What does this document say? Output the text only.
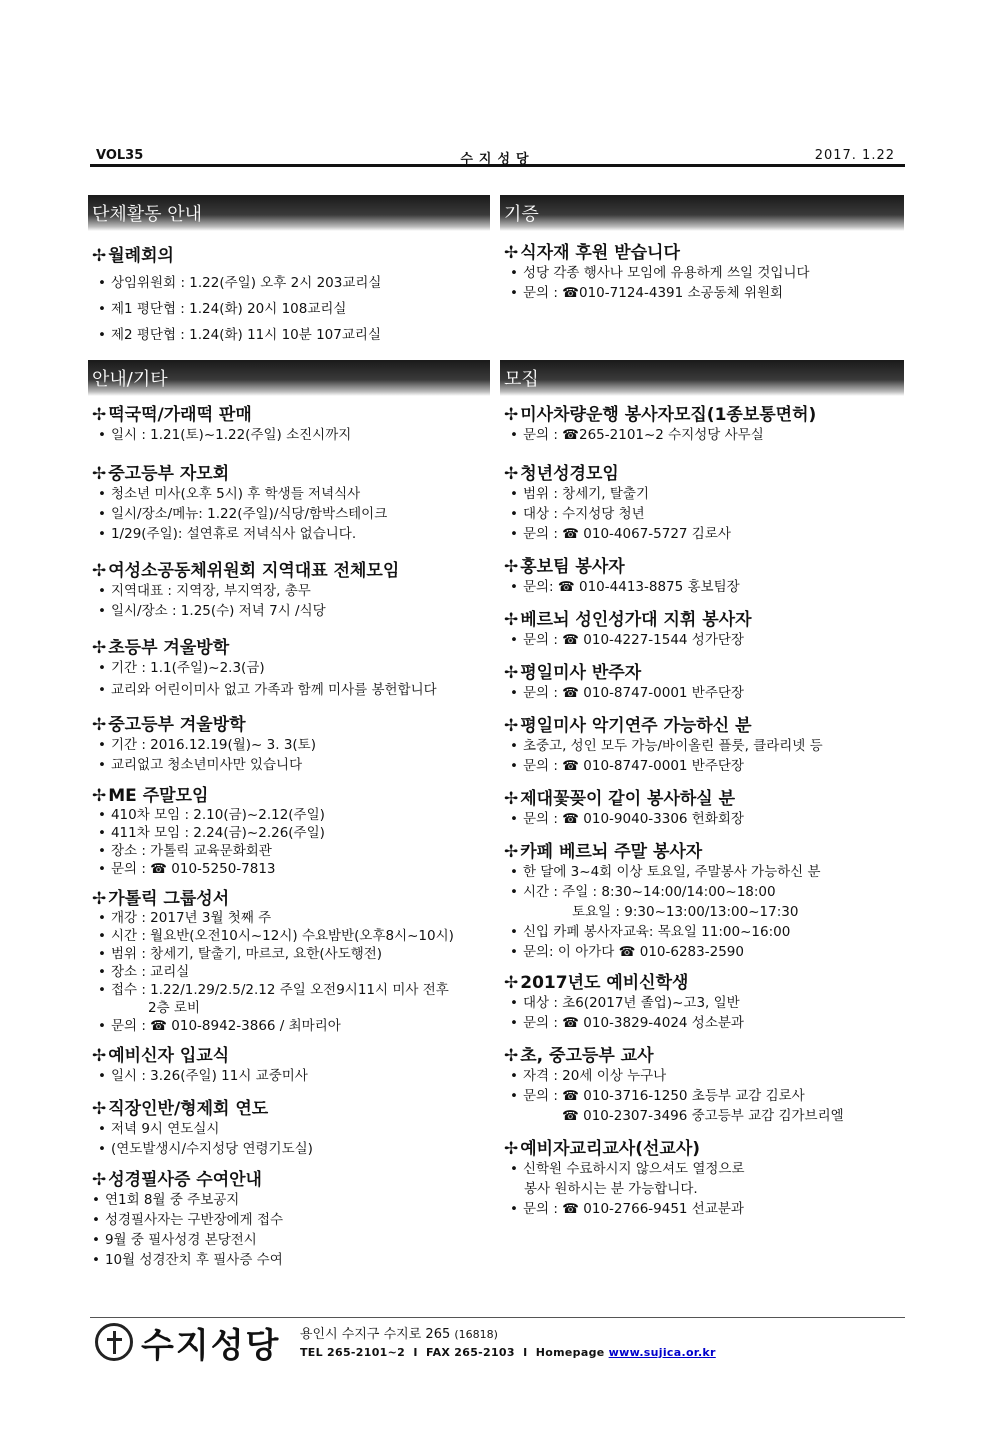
VOL35	수지성당	2017. 1.22
단체활동 안내
✢ 월례회의
• 상임위원회 : 1.22(주일) 오후 2시 203교리실
• 제1 평단협 : 1.24(화) 20시 108교리실
• 제2 평단협 : 1.24(화) 11시 10분 107교리실
기증
✢ 식자재 후원 받습니다
• 성당 각종 행사나 모임에 유용하게 쓰일 것입니다
• 문의 : ☎010-7124-4391 소공동체 위원회
안내/기타
✢ 떡국떡/가래떡 판매
• 일시 : 1.21(토)~1.22(주일) 소진시까지
✢ 중고등부 자모회
• 청소년 미사(오후 5시) 후 학생들 저녁식사
• 일시/장소/메뉴: 1.22(주일)/식당/함박스테이크
• 1/29(주일): 설연휴로 저녁식사 없습니다.
✢ 여성소공동체위원회 지역대표 전체모임
• 지역대표 : 지역장, 부지역장, 총무
• 일시/장소 : 1.25(수) 저녁 7시 /식당
✢ 초등부 겨울방학
• 기간 : 1.1(주일)~2.3(금)
• 교리와 어린이미사 없고 가족과 함께 미사를 봉헌합니다
✢ 중고등부 겨울방학
• 기간 : 2016.12.19(월)~ 3. 3(토)
• 교리없고 청소년미사만 있습니다
✢ ME 주말모임
• 410차 모임 : 2.10(금)~2.12(주일)
• 411차 모임 : 2.24(금)~2.26(주일)
• 장소 : 가톨릭 교육문화회관
• 문의 : ☎ 010-5250-7813
✢ 가톨릭 그룹성서
• 개강 : 2017년 3월 첫째 주
• 시간 : 월요반(오전10시~12시) 수요밤반(오후8시~10시)
• 범위 : 창세기, 탈출기, 마르코, 요한(사도행전)
• 장소 : 교리실
• 접수 : 1.22/1.29/2.5/2.12 주일 오전9시11시 미사 전후
2층 로비
• 문의 : ☎ 010-8942-3866 / 최마리아
✢ 예비신자 입교식
• 일시 : 3.26(주일) 11시 교중미사
✢ 직장인반/형제회 연도
• 저녁 9시 연도실시
• (연도발생시/수지성당 연령기도실)
✢ 성경필사증 수여안내
• 연1회 8월 중 주보공지
• 성경필사자는 구반장에게 접수
• 9월 중 필사성경 본당전시
• 10월 성경잔치 후 필사증 수여
모집
✢ 미사차량운행 봉사자모집(1종보통면허)
• 문의 : ☎265-2101~2 수지성당 사무실
✢ 청년성경모임
• 범위 : 창세기, 탈출기
• 대상 : 수지성당 청년
• 문의 : ☎ 010-4067-5727 김로사
✢ 홍보팀 봉사자
• 문의: ☎ 010-4413-8875 홍보팀장
✢ 베르뇌 성인성가대 지휘 봉사자
• 문의 : ☎ 010-4227-1544 성가단장
✢ 평일미사 반주자
• 문의 : ☎ 010-8747-0001 반주단장
✢ 평일미사 악기연주 가능하신 분
• 초중고, 성인 모두 가능/바이올린 플룻, 클라리넷 등
• 문의 : ☎ 010-8747-0001 반주단장
✢ 제대꽃꽂이 같이 봉사하실 분
• 문의 : ☎ 010-9040-3306 헌화회장
✢ 카페 베르뇌 주말 봉사자
• 한 달에 3~4회 이상 토요일, 주말봉사 가능하신 분
• 시간 : 주일 : 8:30~14:00/14:00~18:00
토요일 : 9:30~13:00/13:00~17:30
• 신입 카페 봉사자교육: 목요일 11:00~16:00
• 문의: 이 아가다 ☎ 010-6283-2590
✢ 2017년도 예비신학생
• 대상 : 초6(2017년 졸업)~고3, 일반
• 문의 : ☎ 010-3829-4024 성소분과
✢ 초, 중고등부 교사
• 자격 : 20세 이상 누구나
• 문의 : ☎ 010-3716-1250 초등부 교감 김로사
☎ 010-2307-3496 중고등부 교감 김가브리엘
✢ 예비자교리교사(선교사)
• 신학원 수료하시지 않으셔도 열정으로
봉사 원하시는 분 가능합니다.
• 문의 : ☎ 010-2766-9451 선교분과
수지성당 용인시 수지구 수지로 265 (16818)
TEL 265-2101~2 I FAX 265-2103 I Homepage www.sujica.or.kr
